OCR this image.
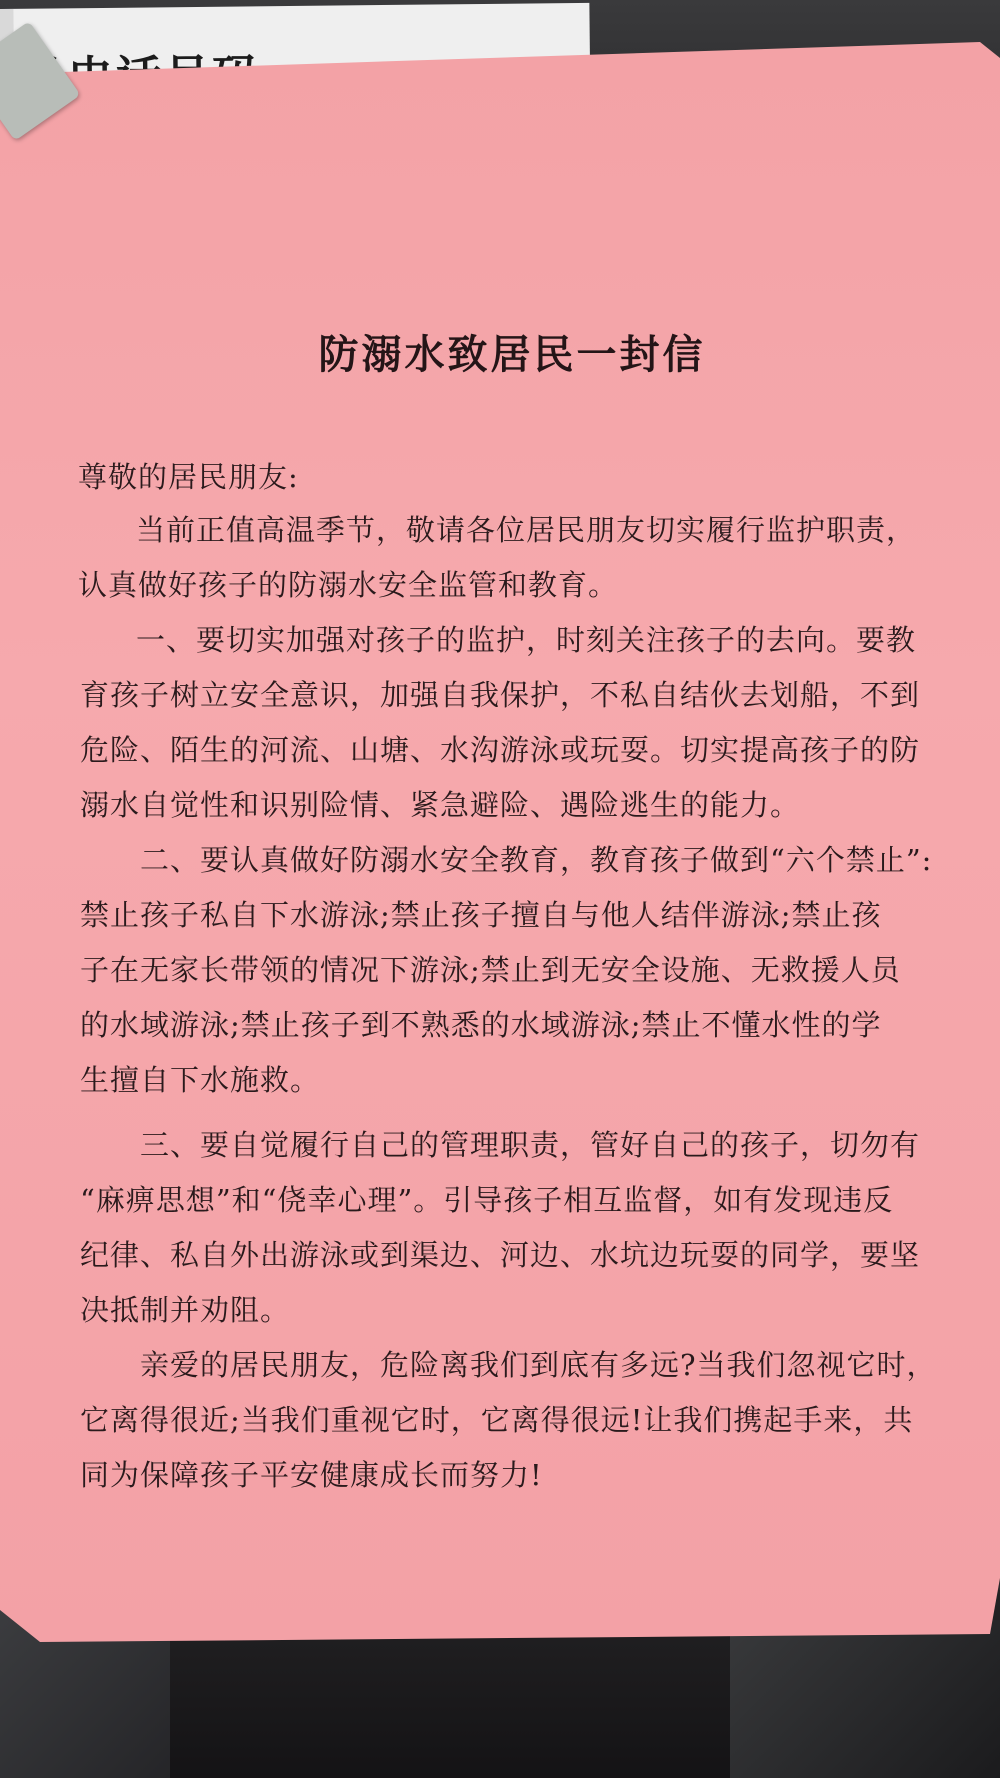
防溺水致居民一封信
尊敬的居民朋友:
当前正值高温季节，敬请各位居民朋友切实履行监护职责，
认真做好孩子的防溺水安全监管和教育。
一、要切实加强对孩子的监护，时刻关注孩子的去向。要教
育孩子树立安全意识，加强自我保护，不私自结伙去划船，不到
危险、陌生的河流、山塘、水沟游泳或玩耍。切实提高孩子的防
溺水自觉性和识别险情、紧急避险、遇险逃生的能力。
二、要认真做好防溺水安全教育，教育孩子做到“六个禁止”:
禁止孩子私自下水游泳;禁止孩子擅自与他人结伴游泳;禁止孩
子在无家长带领的情况下游泳;禁止到无安全设施、无救援人员
的水域游泳;禁止孩子到不熟悉的水域游泳;禁止不懂水性的学
生擅自下水施救。
三、要自觉履行自己的管理职责，管好自己的孩子，切勿有
“麻痹思想”和“侥幸心理”。引导孩子相互监督，如有发现违反
纪律、私自外出游泳或到渠边、河边、水坑边玩耍的同学，要坚
决抵制并劝阻。
亲爱的居民朋友，危险离我们到底有多远?当我们忽视它时，
它离得很近;当我们重视它时，它离得很远!让我们携起手来，共
同为保障孩子平安健康成长而努力!
